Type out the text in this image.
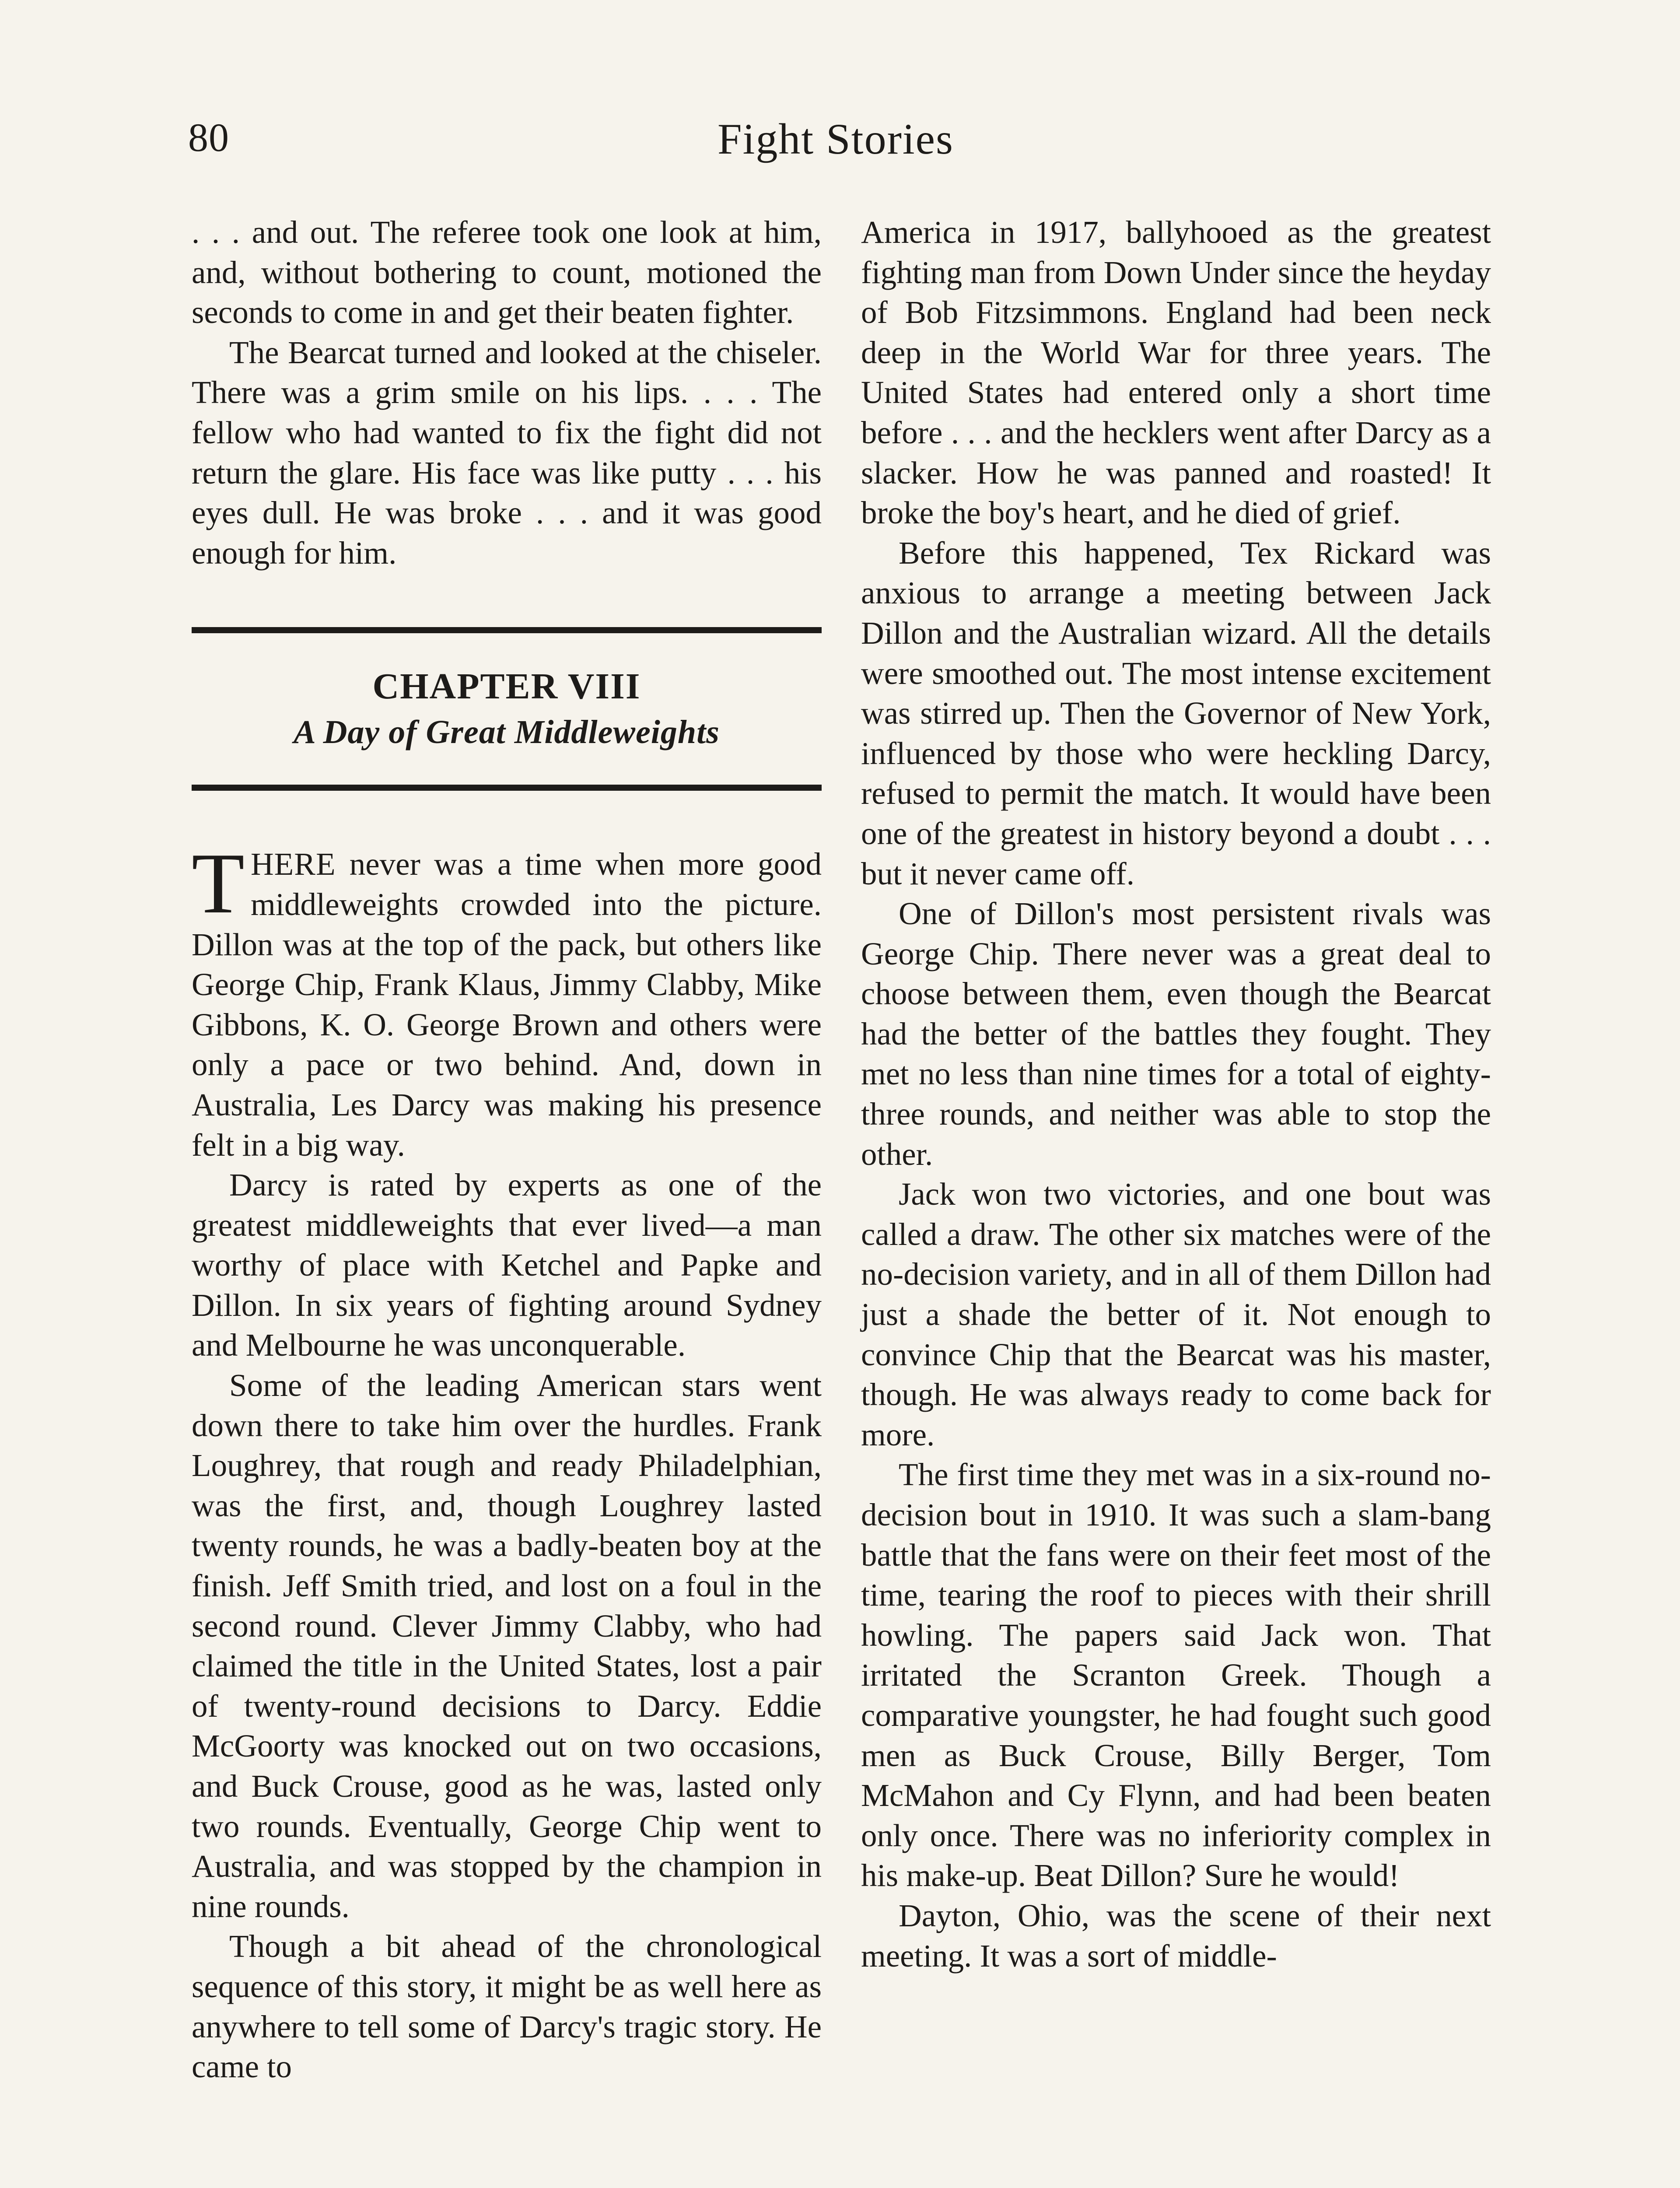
80	Fight Stories

. . . and out. The referee took one look at him, and, without bothering to count, motioned the seconds to come in and get their beaten fighter.

The Bearcat turned and looked at the chiseler. There was a grim smile on his lips. . . . The fellow who had wanted to fix the fight did not return the glare. His face was like putty . . . his eyes dull. He was broke . . . and it was good enough for him.

CHAPTER VIII
A Day of Great Middleweights

THERE never was a time when more good middleweights crowded into the picture. Dillon was at the top of the pack, but others like George Chip, Frank Klaus, Jimmy Clabby, Mike Gibbons, K. O. George Brown and others were only a pace or two behind. And, down in Australia, Les Darcy was making his presence felt in a big way.

Darcy is rated by experts as one of the greatest middleweights that ever lived—a man worthy of place with Ketchel and Papke and Dillon. In six years of fighting around Sydney and Melbourne he was unconquerable.

Some of the leading American stars went down there to take him over the hurdles. Frank Loughrey, that rough and ready Philadelphian, was the first, and, though Loughrey lasted twenty rounds, he was a badly-beaten boy at the finish. Jeff Smith tried, and lost on a foul in the second round. Clever Jimmy Clabby, who had claimed the title in the United States, lost a pair of twenty-round decisions to Darcy. Eddie McGoorty was knocked out on two occasions, and Buck Crouse, good as he was, lasted only two rounds. Eventually, George Chip went to Australia, and was stopped by the champion in nine rounds.

Though a bit ahead of the chronological sequence of this story, it might be as well here as anywhere to tell some of Darcy's tragic story. He came to

America in 1917, ballyhooed as the greatest fighting man from Down Under since the heyday of Bob Fitzsimmons. England had been neck deep in the World War for three years. The United States had entered only a short time before . . . and the hecklers went after Darcy as a slacker. How he was panned and roasted! It broke the boy's heart, and he died of grief.

Before this happened, Tex Rickard was anxious to arrange a meeting between Jack Dillon and the Australian wizard. All the details were smoothed out. The most intense excitement was stirred up. Then the Governor of New York, influenced by those who were heckling Darcy, refused to permit the match. It would have been one of the greatest in history beyond a doubt . . . but it never came off.

One of Dillon's most persistent rivals was George Chip. There never was a great deal to choose between them, even though the Bearcat had the better of the battles they fought. They met no less than nine times for a total of eighty-three rounds, and neither was able to stop the other.

Jack won two victories, and one bout was called a draw. The other six matches were of the no-decision variety, and in all of them Dillon had just a shade the better of it. Not enough to convince Chip that the Bearcat was his master, though. He was always ready to come back for more.

The first time they met was in a six-round no-decision bout in 1910. It was such a slam-bang battle that the fans were on their feet most of the time, tearing the roof to pieces with their shrill howling. The papers said Jack won. That irritated the Scranton Greek. Though a comparative youngster, he had fought such good men as Buck Crouse, Billy Berger, Tom McMahon and Cy Flynn, and had been beaten only once. There was no inferiority complex in his make-up. Beat Dillon? Sure he would!

Dayton, Ohio, was the scene of their next meeting. It was a sort of middle-
